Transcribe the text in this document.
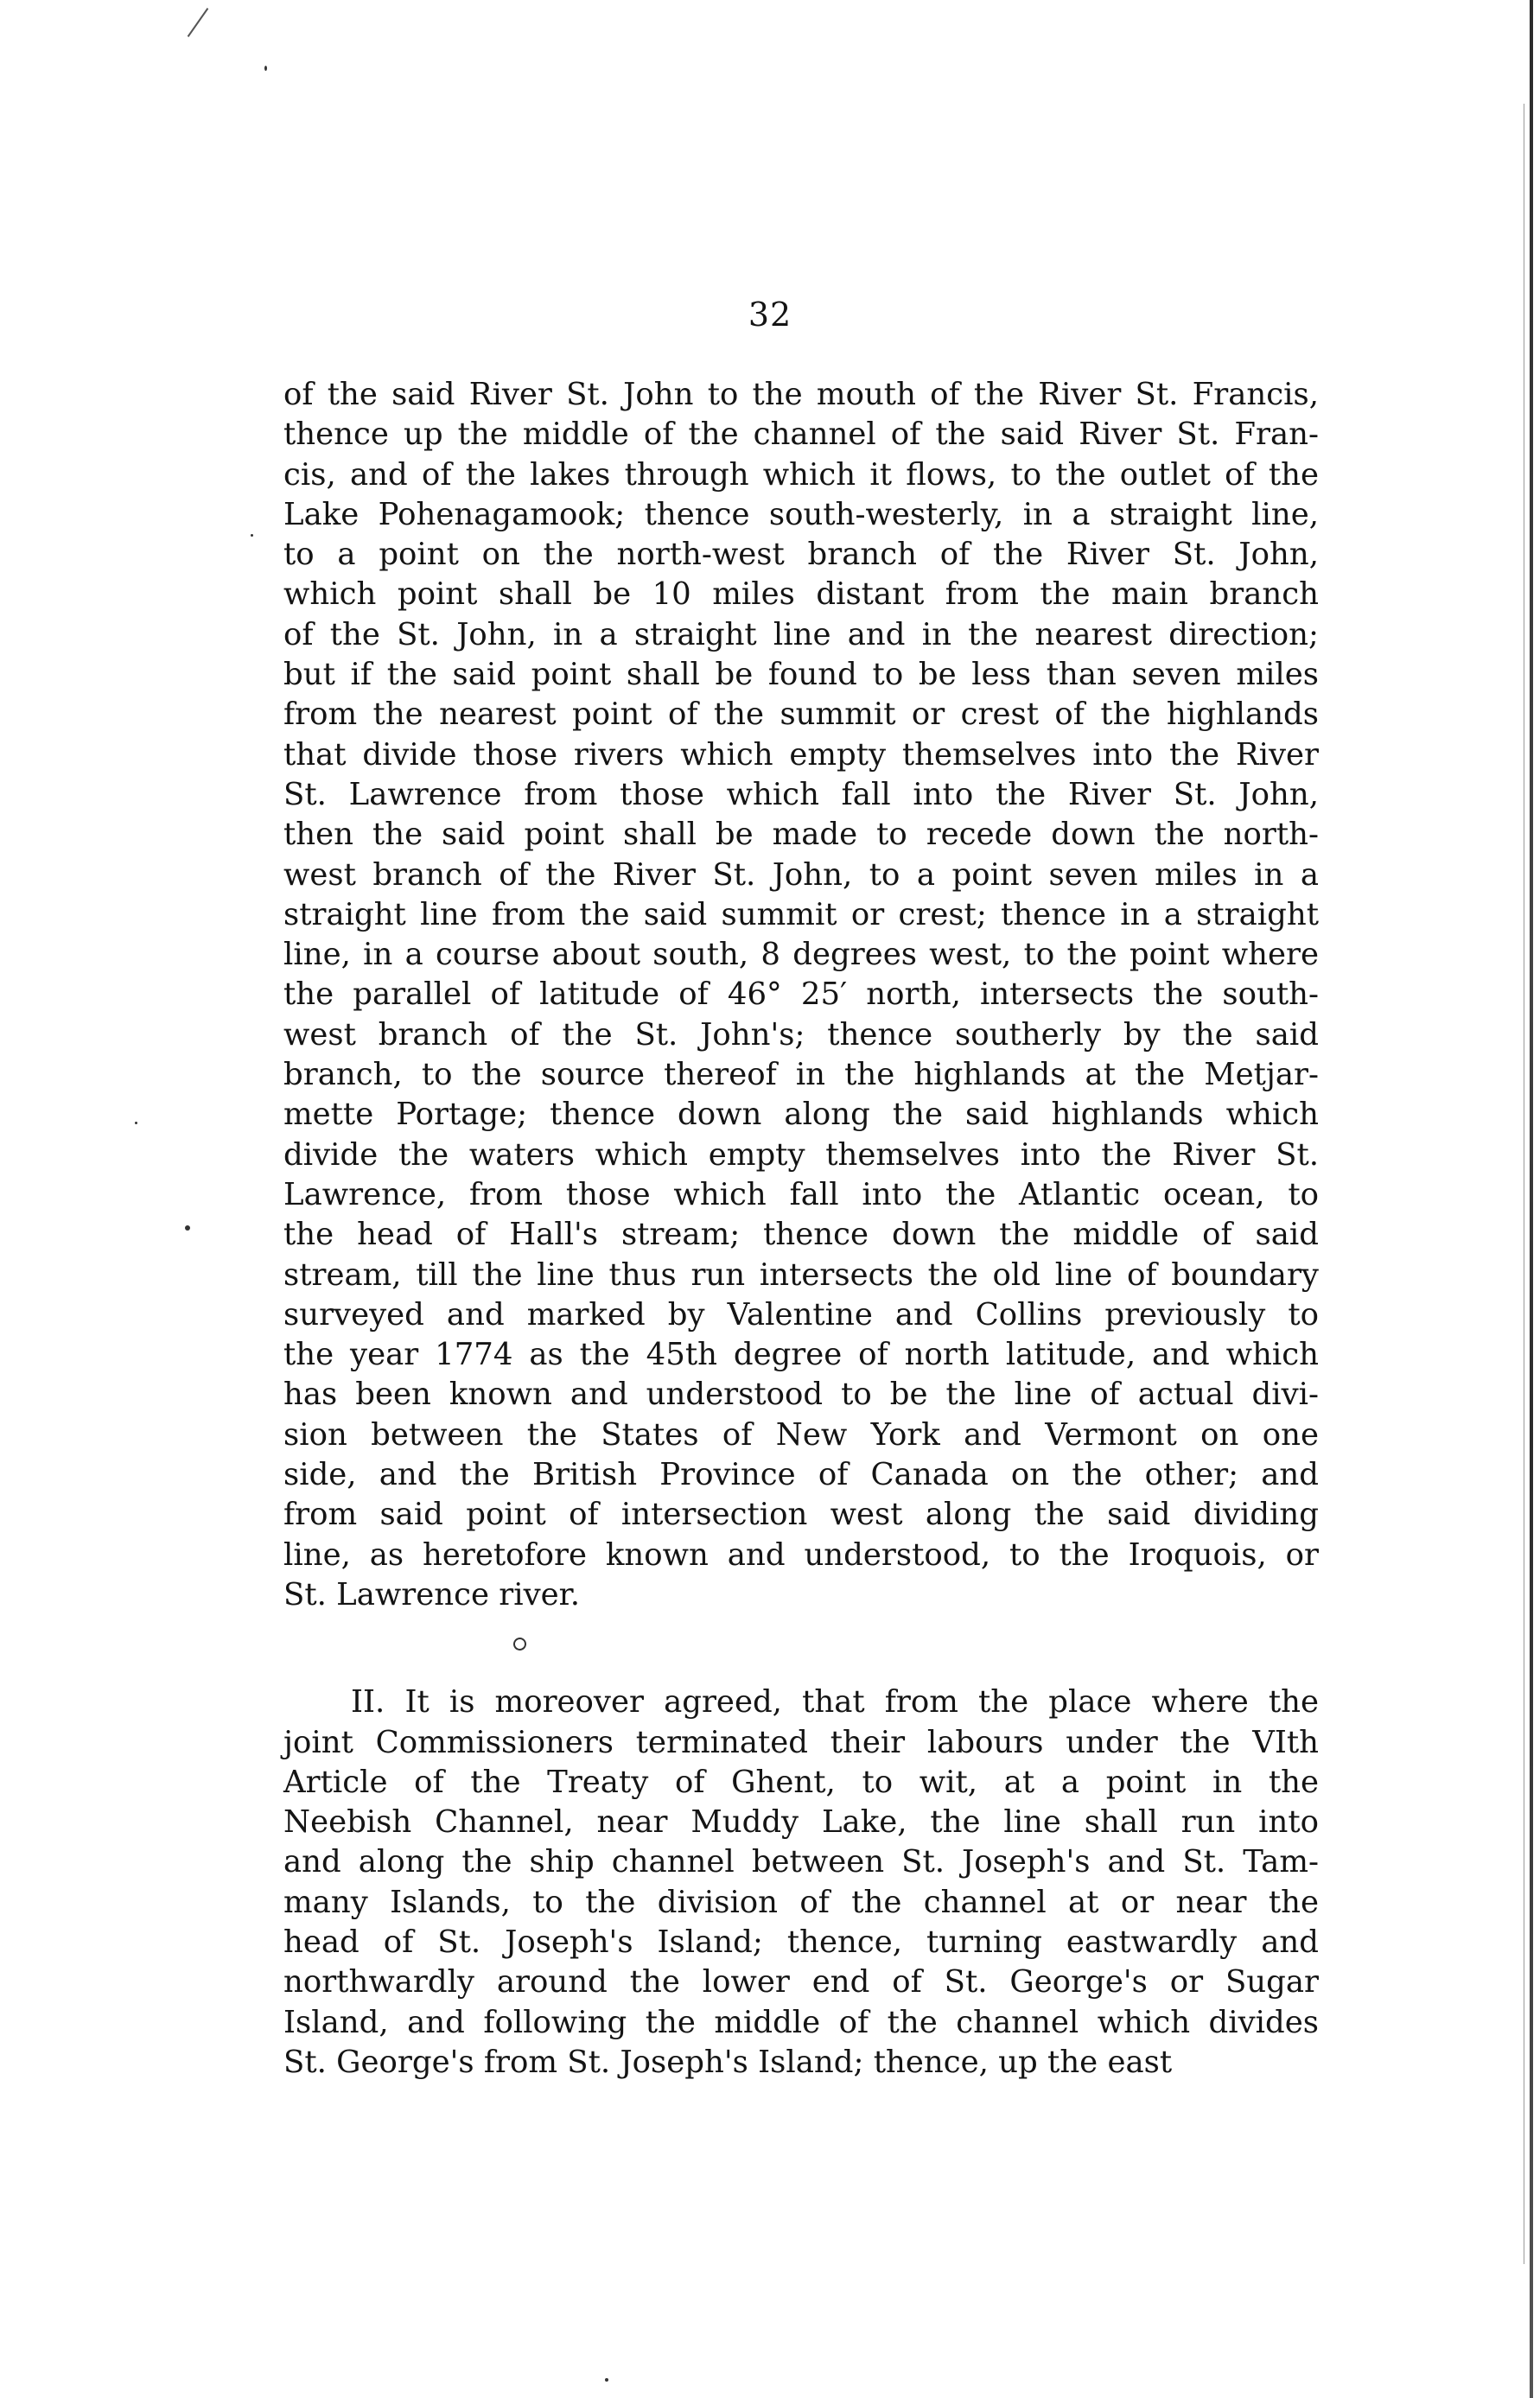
32
of the said River St. John to the mouth of the River St. Francis,
thence up the middle of the channel of the said River St. Fran-
cis, and of the lakes through which it flows, to the outlet of the
Lake Pohenagamook; thence south-westerly, in a straight line,
to a point on the north-west branch of the River St. John,
which point shall be 10 miles distant from the main branch
of the St. John, in a straight line and in the nearest direction;
but if the said point shall be found to be less than seven miles
from the nearest point of the summit or crest of the highlands
that divide those rivers which empty themselves into the River
St. Lawrence from those which fall into the River St. John,
then the said point shall be made to recede down the north-
west branch of the River St. John, to a point seven miles in a
straight line from the said summit or crest; thence in a straight
line, in a course about south, 8 degrees west, to the point where
the parallel of latitude of 46° 25′ north, intersects the south-
west branch of the St. John's; thence southerly by the said
branch, to the source thereof in the highlands at the Metjar-
mette Portage; thence down along the said highlands which
divide the waters which empty themselves into the River St.
Lawrence, from those which fall into the Atlantic ocean, to
the head of Hall's stream; thence down the middle of said
stream, till the line thus run intersects the old line of boundary
surveyed and marked by Valentine and Collins previously to
the year 1774 as the 45th degree of north latitude, and which
has been known and understood to be the line of actual divi-
sion between the States of New York and Vermont on one
side, and the British Province of Canada on the other; and
from said point of intersection west along the said dividing
line, as heretofore known and understood, to the Iroquois, or
St. Lawrence river.
II. It is moreover agreed, that from the place where the
joint Commissioners terminated their labours under the VIth
Article of the Treaty of Ghent, to wit, at a point in the
Neebish Channel, near Muddy Lake, the line shall run into
and along the ship channel between St. Joseph's and St. Tam-
many Islands, to the division of the channel at or near the
head of St. Joseph's Island; thence, turning eastwardly and
northwardly around the lower end of St. George's or Sugar
Island, and following the middle of the channel which divides
St. George's from St. Joseph's Island; thence, up the east
